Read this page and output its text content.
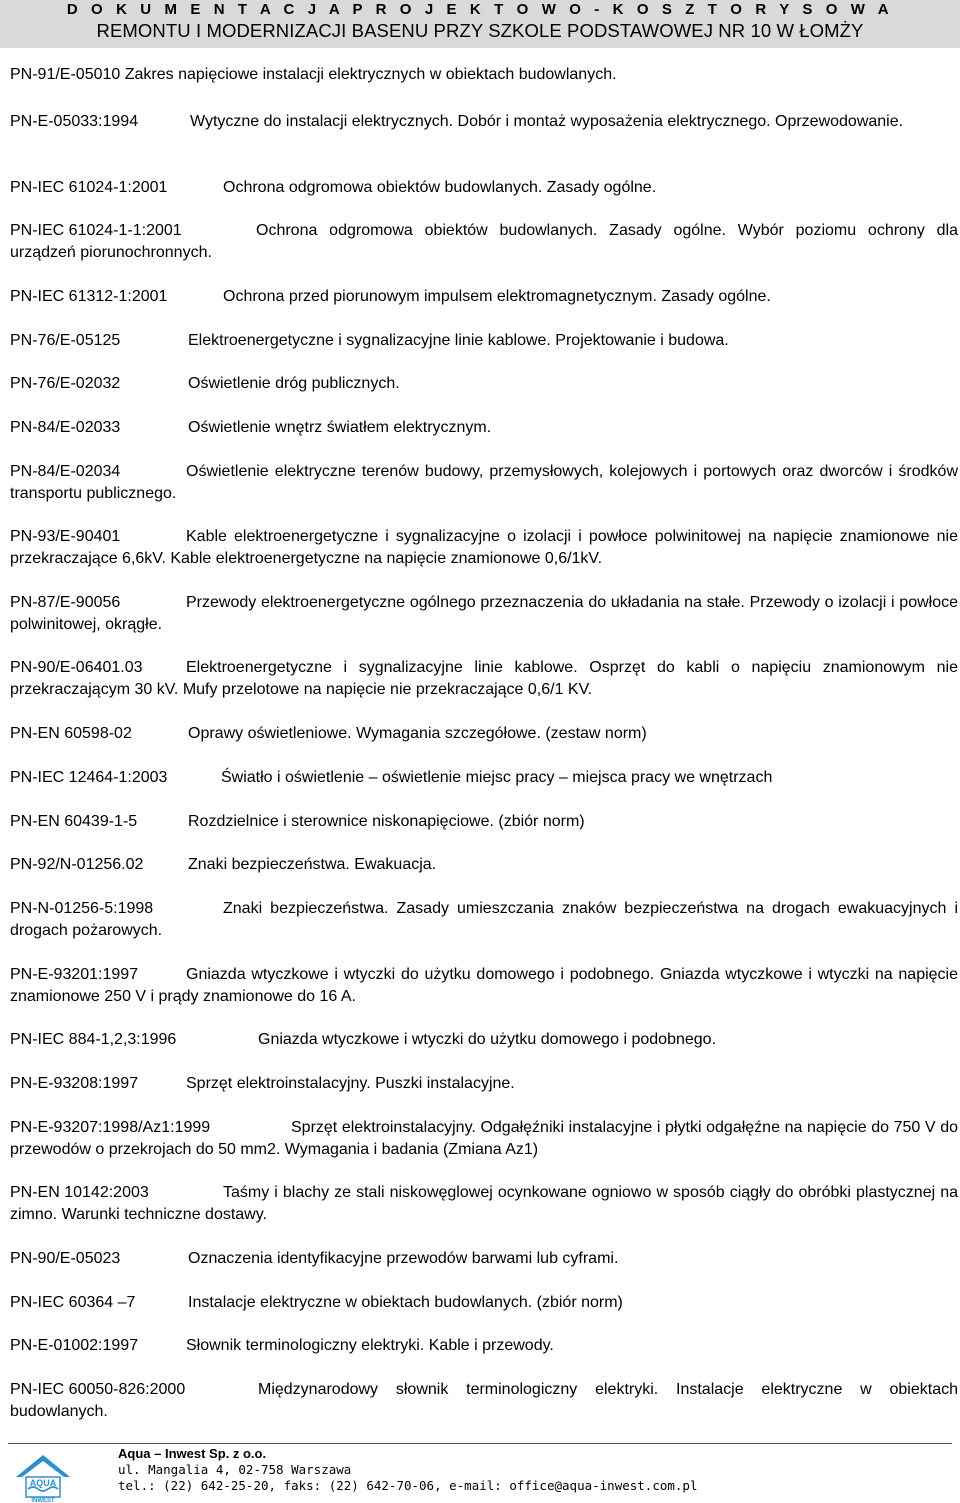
D O K U M E N T A C J A P R O J E K T O W O - K O S Z T O R Y S O W A
REMONTU I MODERNIZACJI BASENU PRZY SZKOLE PODSTAWOWEJ NR 10 W ŁOMŻY
PN-91/E-05010 Zakres napięciowe instalacji elektrycznych w obiektach budowlanych.
PN-E-05033:1994	Wytyczne do instalacji elektrycznych. Dobór i montaż wyposażenia elektrycznego. Oprzewodowanie.
PN-IEC 61024-1:2001	Ochrona odgromowa obiektów budowlanych. Zasady ogólne.
PN-IEC 61024-1-1:2001	Ochrona odgromowa obiektów budowlanych. Zasady ogólne. Wybór poziomu ochrony dla urządzeń piorunochronnych.
PN-IEC 61312-1:2001	Ochrona przed piorunowym impulsem elektromagnetycznym. Zasady ogólne.
PN-76/E-05125	Elektroenergetyczne i sygnalizacyjne linie kablowe. Projektowanie i budowa.
PN-76/E-02032	Oświetlenie dróg publicznych.
PN-84/E-02033	Oświetlenie wnętrz światłem elektrycznym.
PN-84/E-02034	Oświetlenie elektryczne terenów budowy, przemysłowych, kolejowych i portowych oraz dworców i środków transportu publicznego.
PN-93/E-90401	Kable elektroenergetyczne i sygnalizacyjne o izolacji i powłoce polwinitowej na napięcie znamionowe nie przekraczające 6,6kV. Kable elektroenergetyczne na napięcie znamionowe 0,6/1kV.
PN-87/E-90056	Przewody elektroenergetyczne ogólnego przeznaczenia do układania na stałe. Przewody o izolacji i powłoce polwinitowej, okrągłe.
PN-90/E-06401.03	Elektroenergetyczne i sygnalizacyjne linie kablowe. Osprzęt do kabli o napięciu znamionowym nie przekraczającym 30 kV. Mufy przelotowe na napięcie nie przekraczające 0,6/1 KV.
PN-EN 60598-02	Oprawy oświetleniowe. Wymagania szczegółowe. (zestaw norm)
PN-IEC 12464-1:2003	Światło i oświetlenie – oświetlenie miejsc pracy – miejsca pracy we wnętrzach
PN-EN 60439-1-5	Rozdzielnice i sterownice niskonapięciowe. (zbiór norm)
PN-92/N-01256.02	Znaki bezpieczeństwa. Ewakuacja.
PN-N-01256-5:1998	Znaki bezpieczeństwa. Zasady umieszczania znaków bezpieczeństwa na drogach ewakuacyjnych i drogach pożarowych.
PN-E-93201:1997	Gniazda wtyczkowe i wtyczki do użytku domowego i podobnego. Gniazda wtyczkowe i wtyczki na napięcie znamionowe 250 V i prądy znamionowe do 16 A.
PN-IEC 884-1,2,3:1996	Gniazda wtyczkowe i wtyczki do użytku domowego i podobnego.
PN-E-93208:1997	Sprzęt elektroinstalacyjny. Puszki instalacyjne.
PN-E-93207:1998/Az1:1999	Sprzęt elektroinstalacyjny. Odgałęźniki instalacyjne i płytki odgałęźne na napięcie do 750 V do przewodów o przekrojach do 50 mm2. Wymagania i badania (Zmiana Az1)
PN-EN 10142:2003	Taśmy i blachy ze stali niskowęglowej ocynkowane ogniowo w sposób ciągły do obróbki plastycznej na zimno. Warunki techniczne dostawy.
PN-90/E-05023	Oznaczenia identyfikacyjne przewodów barwami lub cyframi.
PN-IEC 60364 –7	Instalacje elektryczne w obiektach budowlanych. (zbiór norm)
PN-E-01002:1997	Słownik terminologiczny elektryki. Kable i przewody.
PN-IEC 60050-826:2000	Międzynarodowy słownik terminologiczny elektryki. Instalacje elektryczne w obiektach budowlanych.
AQUA
INWEST
Aqua – Inwest Sp. z o.o.
ul. Mangalia 4, 02-758 Warszawa
tel.: (22) 642-25-20, faks: (22) 642-70-06, e-mail: office@aqua-inwest.com.pl
